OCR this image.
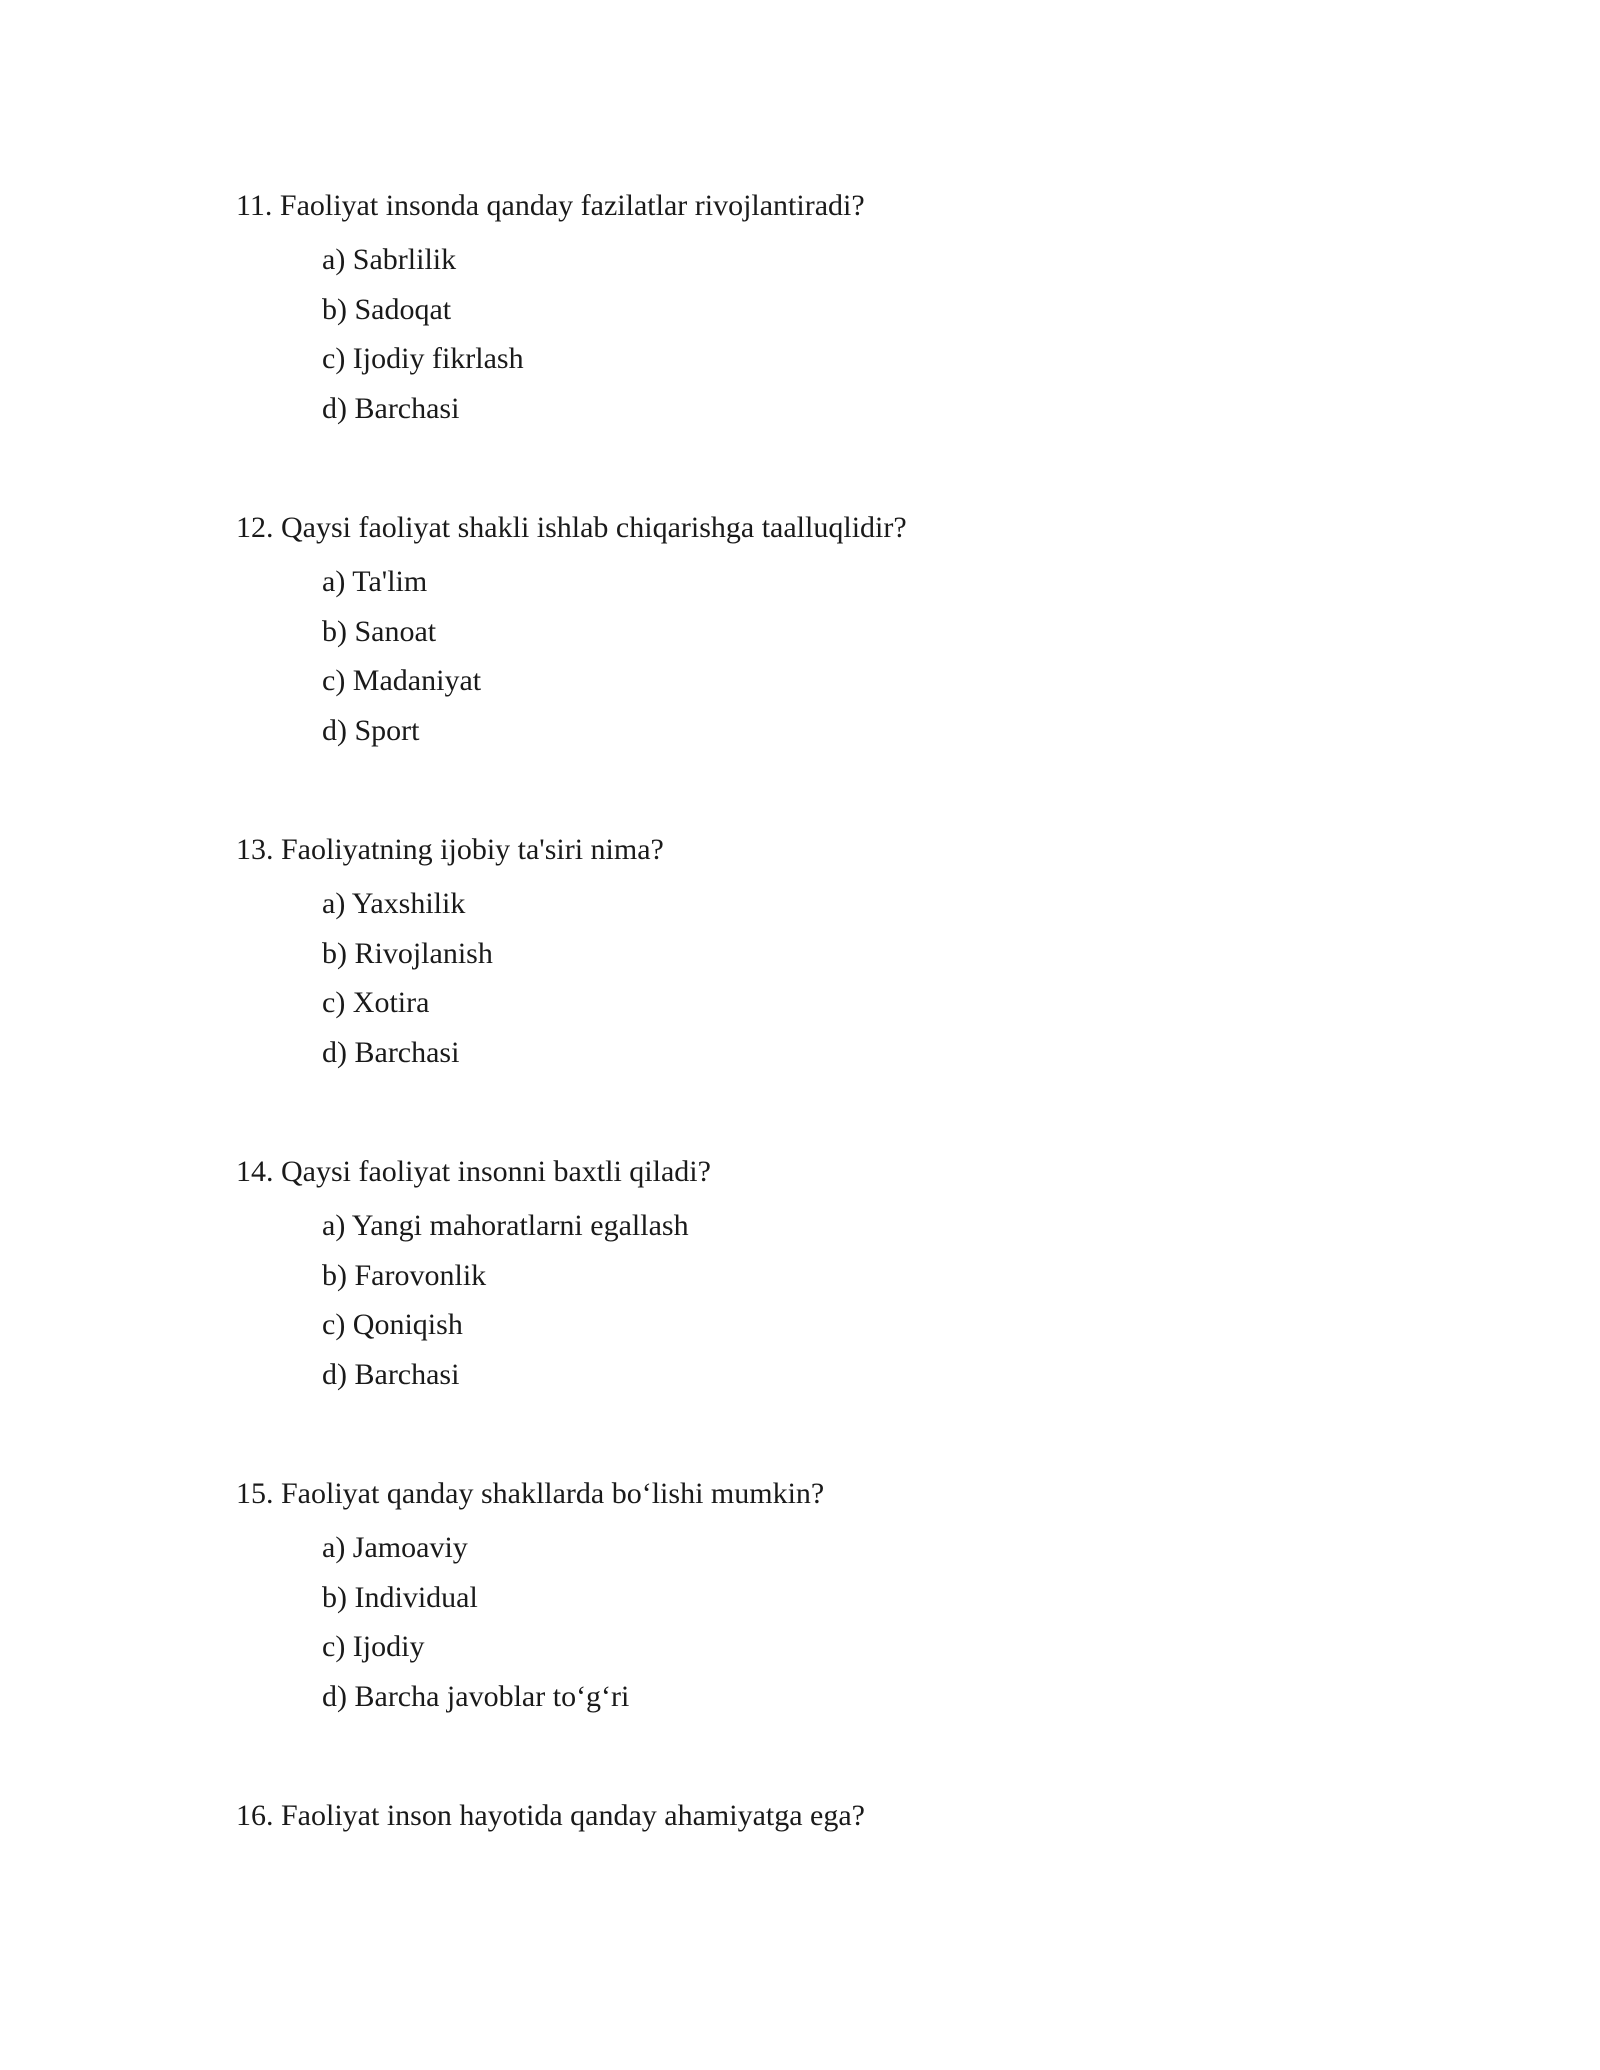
11. Faoliyat insonda qanday fazilatlar rivojlantiradi?
a) Sabrlilik
b) Sadoqat
c) Ijodiy fikrlash
d) Barchasi
12. Qaysi faoliyat shakli ishlab chiqarishga taalluqlidir?
a) Ta'lim
b) Sanoat
c) Madaniyat
d) Sport
13. Faoliyatning ijobiy ta'siri nima?
a) Yaxshilik
b) Rivojlanish
c) Xotira
d) Barchasi
14. Qaysi faoliyat insonni baxtli qiladi?
a) Yangi mahoratlarni egallash
b) Farovonlik
c) Qoniqish
d) Barchasi
15. Faoliyat qanday shakllarda bo‘lishi mumkin?
a) Jamoaviy
b) Individual
c) Ijodiy
d) Barcha javoblar to‘g‘ri
16. Faoliyat inson hayotida qanday ahamiyatga ega?
